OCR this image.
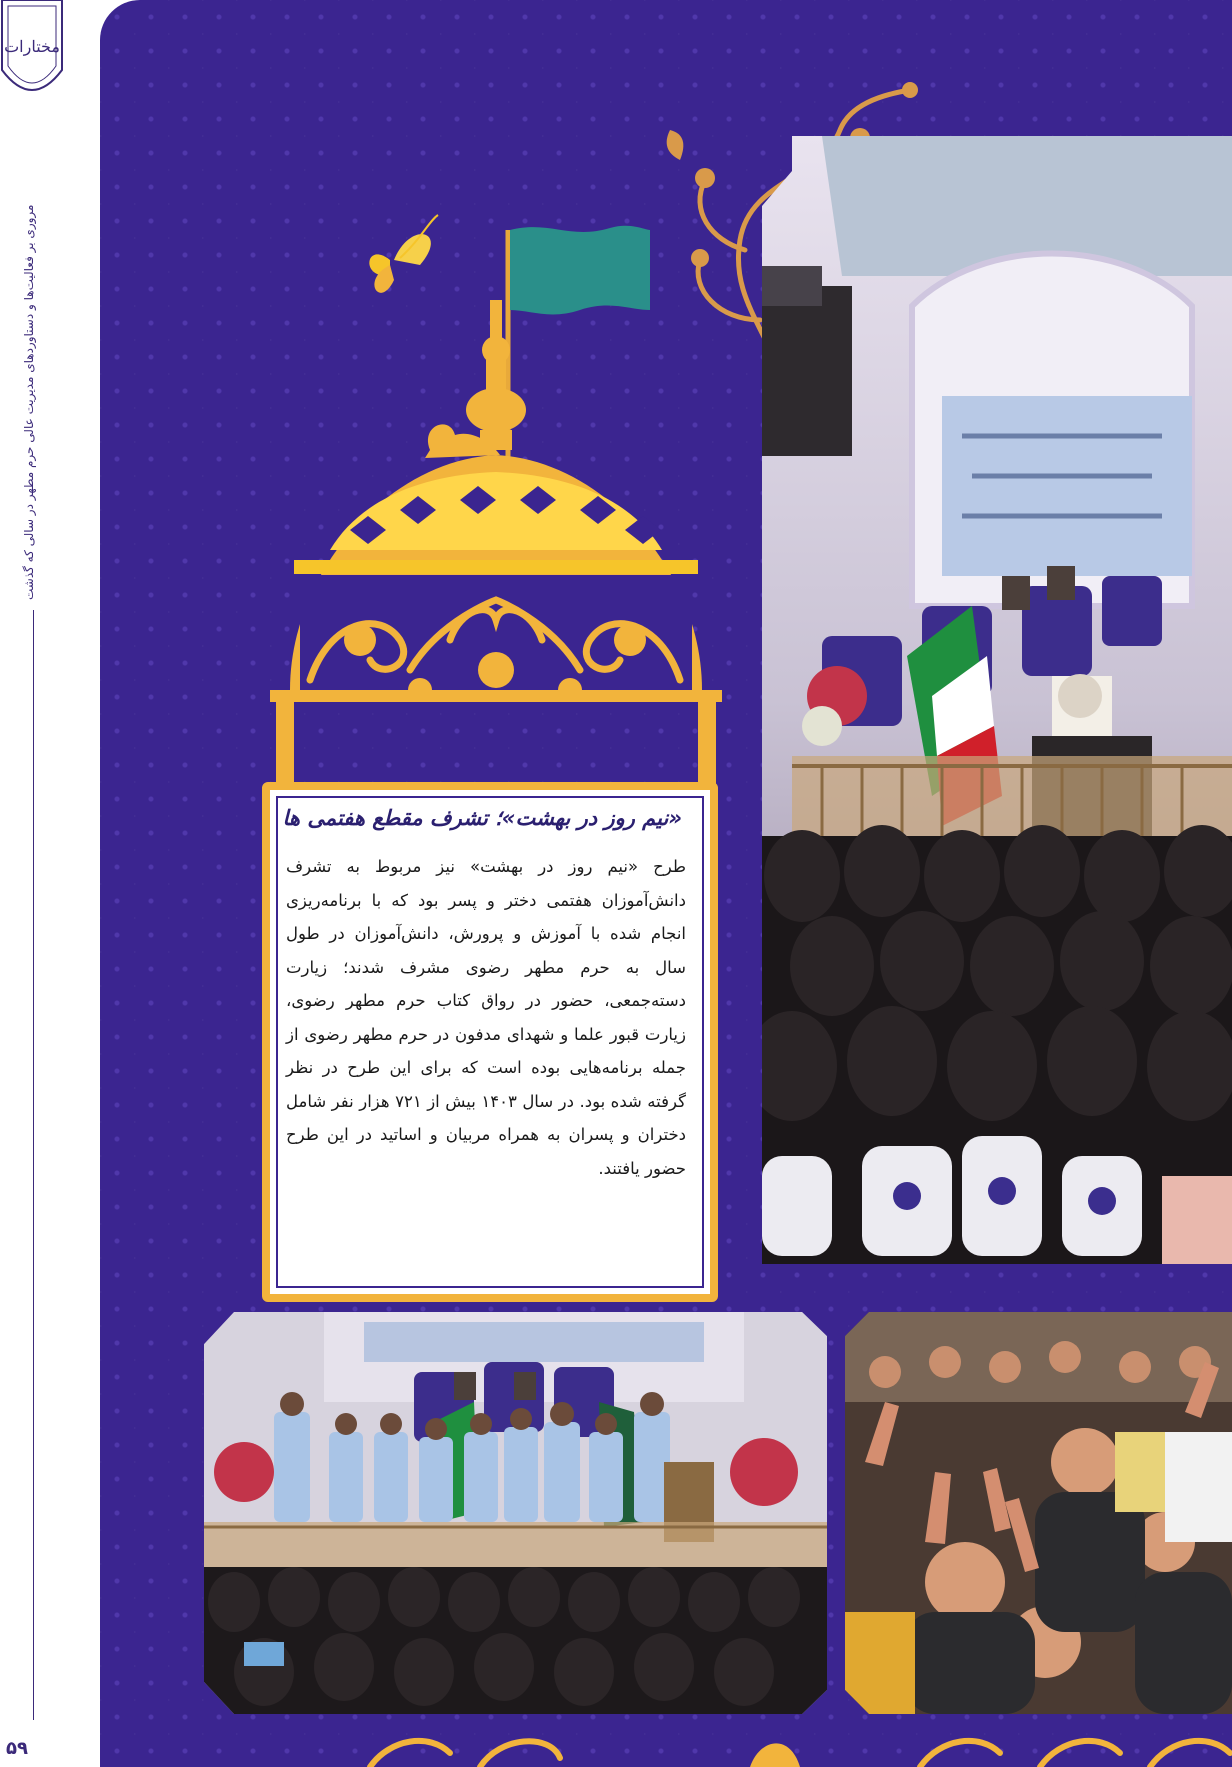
مختارات
مروری بر فعالیت‌ها و دستاوردهای مدیریت عالی حرم مطهر در سالی که گذشت
۵۹
«نیم روز در بهشت»؛ تشرف مقطع هفتمی ها
طرح «نیم روز در بهشت» نیز مربوط به تشرف دانش‌آموزان هفتمی دختر و پسر بود که با برنامه‌ریزی انجام شده با آموزش و پرورش، دانش‌آموزان در طول سال به حرم مطهر رضوی مشرف شدند؛ زیارت دسته‌جمعی، حضور در رواق کتاب حرم مطهر رضوی، زیارت قبور علما و شهدای مدفون در حرم مطهر رضوی از جمله برنامه‌هایی بوده است که برای این طرح در نظر گرفته شده بود. در سال ۱۴۰۳ بیش از ۷۲۱ هزار نفر شامل دختران و پسران به همراه مربیان و اساتید در این طرح حضور یافتند.
